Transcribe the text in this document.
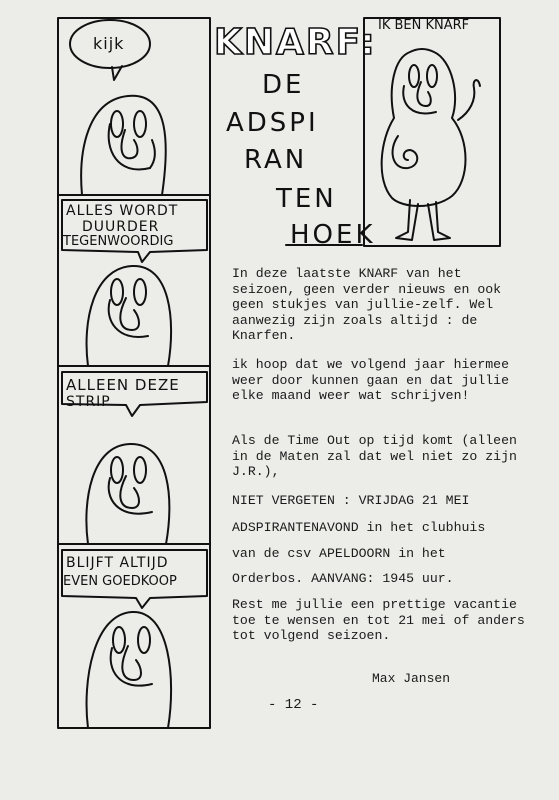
kijk
ALLES WORDT
DUURDER
TEGENWOORDIG
ALLEEN DEZE
STRIP
BLIJFT ALTIJD
EVEN GOEDKOOP
KNARF:
DE
ADSPI
RAN
TEN
HOEK
IK BEN KNARF

In deze laatste KNARF van het seizoen, geen verder nieuws en ook geen stukjes van jullie-zelf. Wel aanwezig zijn zoals altijd : de Knarfen.

ik hoop dat we volgend jaar hiermee weer door kunnen gaan en dat jullie elke maand weer wat schrijven!

Als de Time Out op tijd komt (alleen in de Maten zal dat wel niet zo zijn J.R.),

NIET VERGETEN : VRIJDAG 21 MEI

ADSPIRANTENAVOND in het clubhuis

van de csv APELDOORN in het

Orderbos. AANVANG: 1945 uur.

Rest me jullie een prettige vacantie toe te wensen en tot 21 mei of anders tot volgend seizoen.

Max Jansen
- 12 -
